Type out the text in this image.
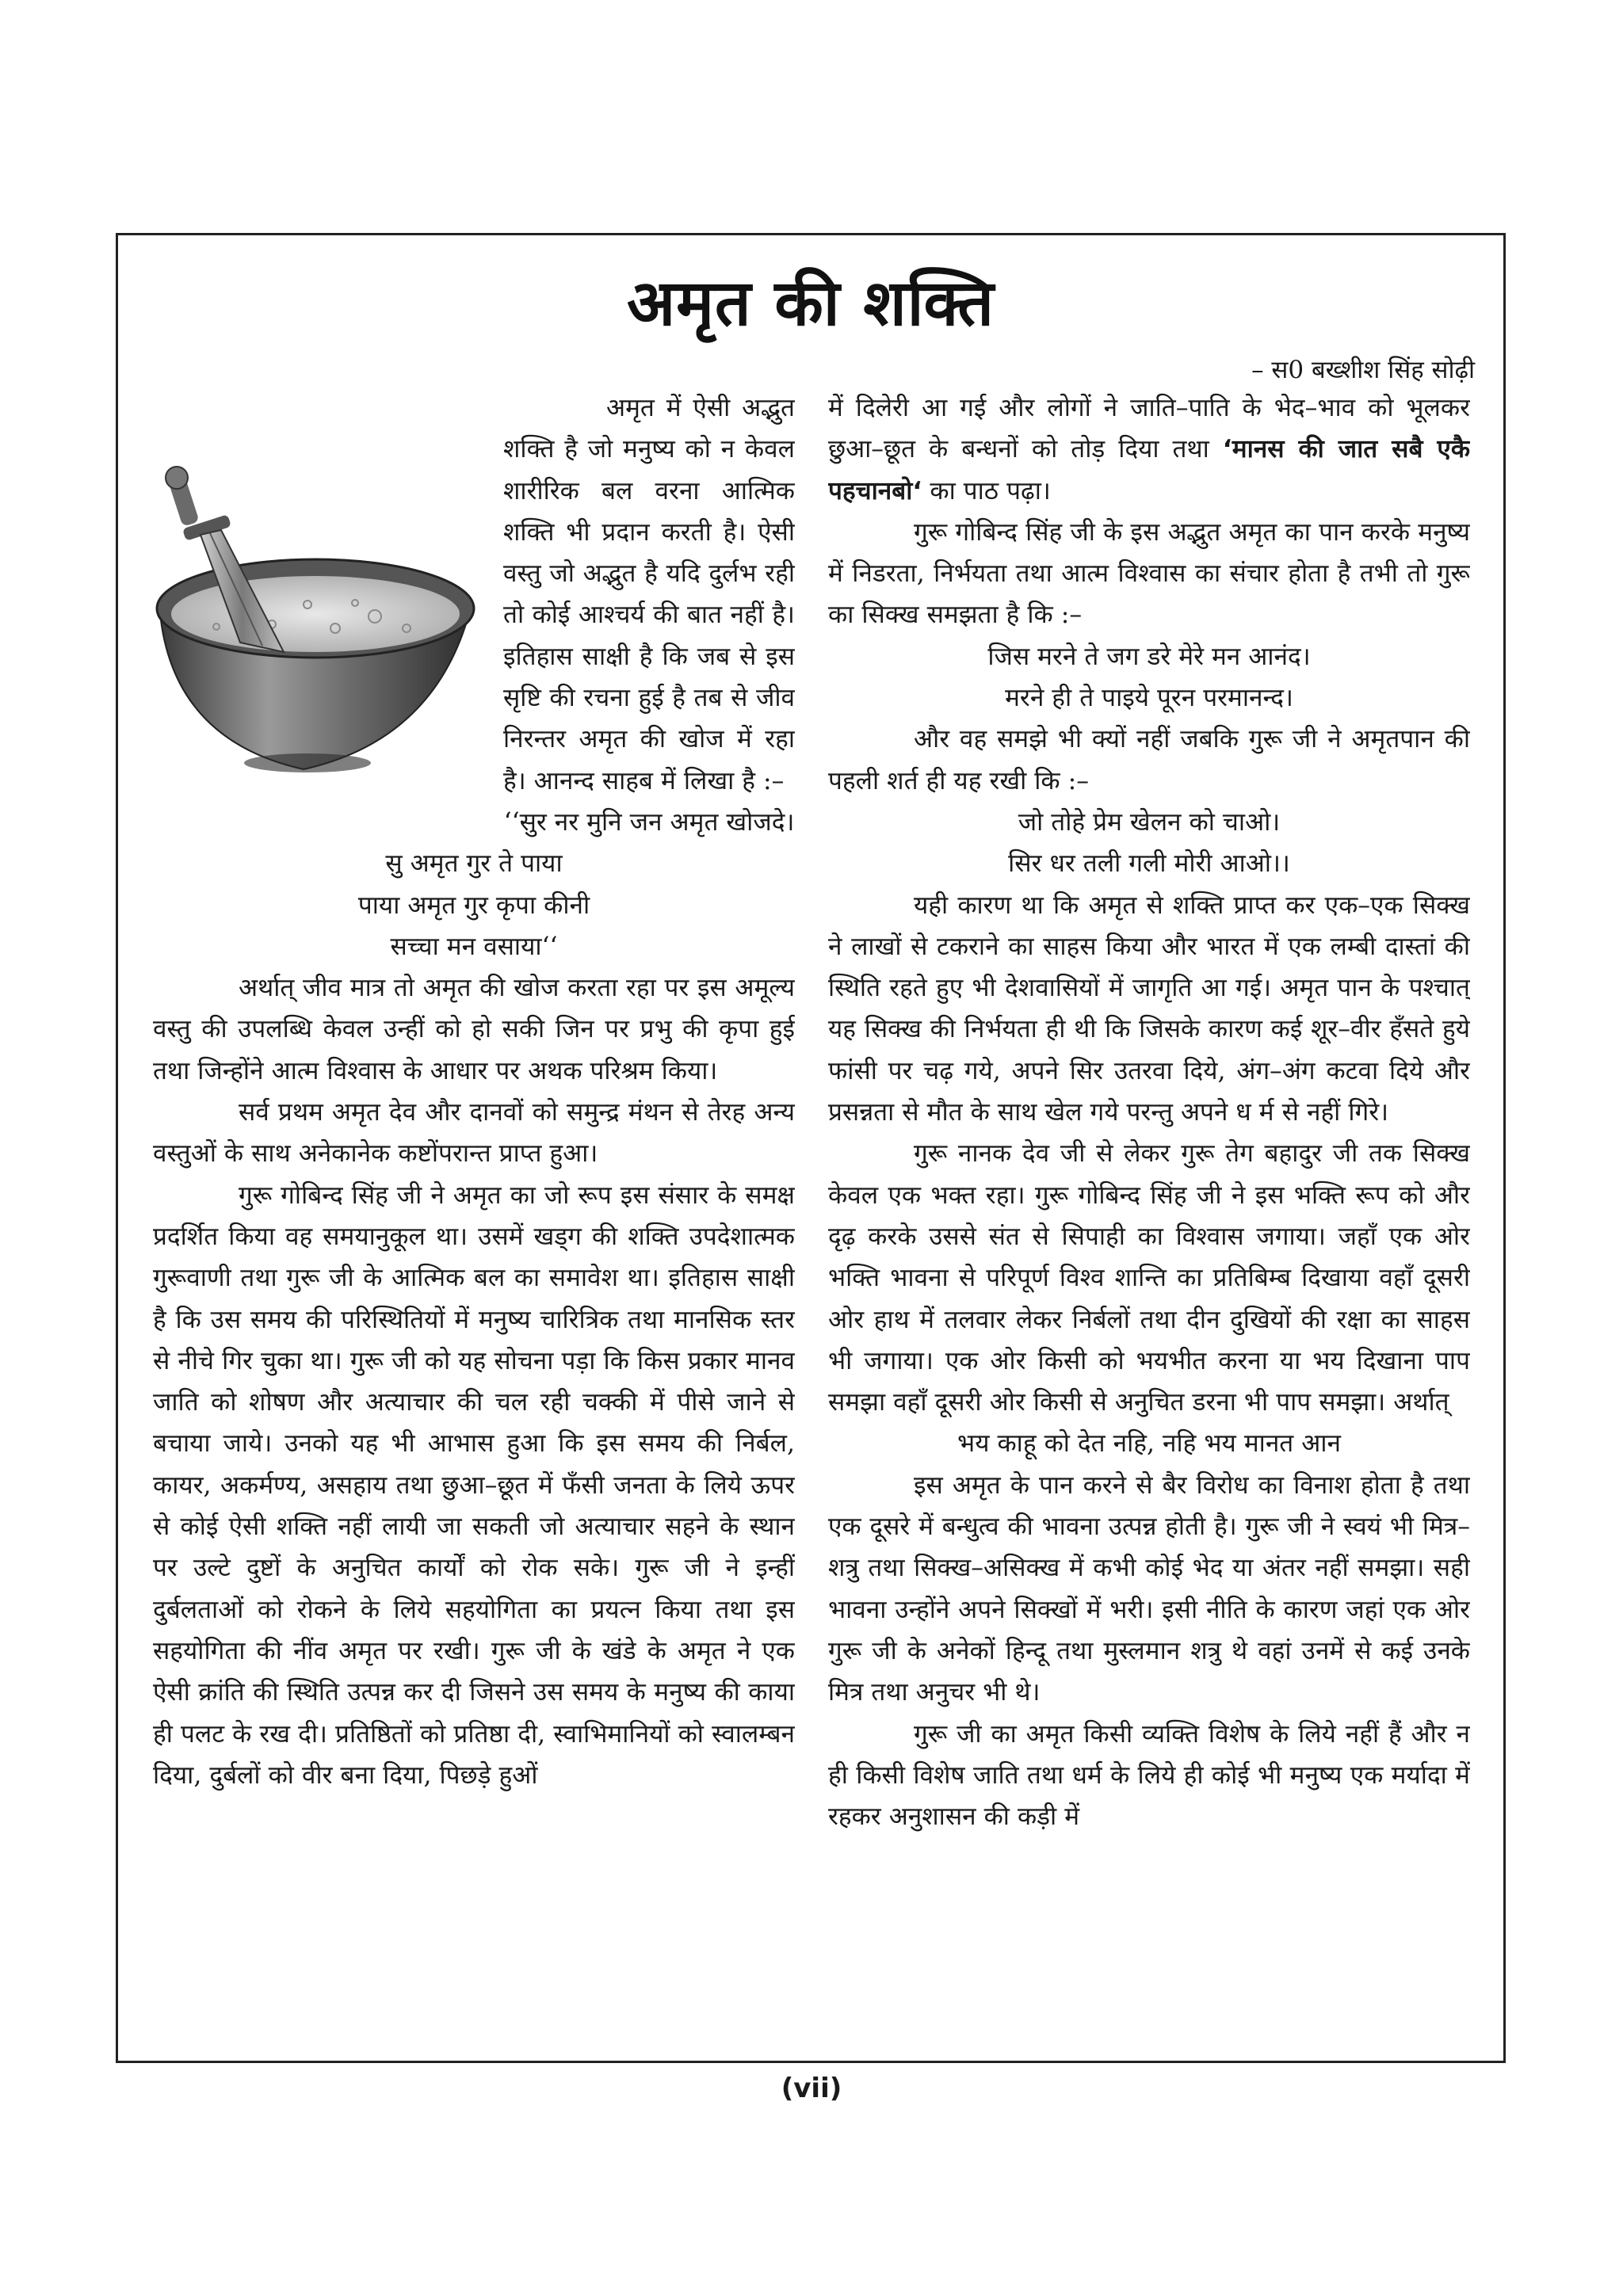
अमृत की शक्ति
– स0 बख्शीश सिंह सोढ़ी

अमृत में ऐसी अद्भुत शक्ति है जो मनुष्य को न केवल शारीरिक बल वरना आत्मिक शक्ति भी प्रदान करती है। ऐसी वस्तु जो अद्भुत है यदि दुर्लभ रही तो कोई आश्चर्य की बात नहीं है। इतिहास साक्षी है कि जब से इस सृष्टि की रचना हुई है तब से जीव निरन्तर अमृत की खोज में रहा है। आनन्द साहब में लिखा है :–

‘‘सुर नर मुनि जन अमृत खोजदे।

सु अमृत गुर ते पाया

पाया अमृत गुर कृपा कीनी

सच्चा मन वसाया‘‘

अर्थात् जीव मात्र तो अमृत की खोज करता रहा पर इस अमूल्य वस्तु की उपलब्धि केवल उन्हीं को हो सकी जिन पर प्रभु की कृपा हुई तथा जिन्होंने आत्म विश्वास के आधार पर अथक परिश्रम किया।

सर्व प्रथम अमृत देव और दानवों को समुन्द्र मंथन से तेरह अन्य वस्तुओं के साथ अनेकानेक कष्टोंपरान्त प्राप्त हुआ।

गुरू गोबिन्द सिंह जी ने अमृत का जो रूप इस संसार के समक्ष प्रदर्शित किया वह समयानुकूल था। उसमें खड्ग की शक्ति उपदेशात्मक गुरूवाणी तथा गुरू जी के आत्मिक बल का समावेश था। इतिहास साक्षी है कि उस समय की परिस्थितियों में मनुष्य चारित्रिक तथा मानसिक स्तर से नीचे गिर चुका था। गुरू जी को यह सोचना पड़ा कि किस प्रकार मानव जाति को शोषण और अत्याचार की चल रही चक्की में पीसे जाने से बचाया जाये। उनको यह भी आभास हुआ कि इस समय की निर्बल, कायर, अकर्मण्य, असहाय तथा छुआ–छूत में फँसी जनता के लिये ऊपर से कोई ऐसी शक्ति नहीं लायी जा सकती जो अत्याचार सहने के स्थान पर उल्टे दुष्टों के अनुचित कार्यों को रोक सके। गुरू जी ने इन्हीं दुर्बलताओं को रोकने के लिये सहयोगिता का प्रयत्न किया तथा इस सहयोगिता की नींव अमृत पर रखी। गुरू जी के खंडे के अमृत ने एक ऐसी क्रांति की स्थिति उत्पन्न कर दी जिसने उस समय के मनुष्य की काया ही पलट के रख दी। प्रतिष्ठितों को प्रतिष्ठा दी, स्वाभिमानियों को स्वालम्बन दिया, दुर्बलों को वीर बना दिया, पिछड़े हुओं

में दिलेरी आ गई और लोगों ने जाति–पाति के भेद–भाव को भूलकर छुआ–छूत के बन्धनों को तोड़ दिया तथा ‘मानस की जात सबै एकै पहचानबो‘ का पाठ पढ़ा।

गुरू गोबिन्द सिंह जी के इस अद्भुत अमृत का पान करके मनुष्य में निडरता, निर्भयता तथा आत्म विश्वास का संचार होता है तभी तो गुरू का सिक्ख समझता है कि :–

जिस मरने ते जग डरे मेरे मन आनंद।

मरने ही ते पाइये पूरन परमानन्द।

और वह समझे भी क्यों नहीं जबकि गुरू जी ने अमृतपान की पहली शर्त ही यह रखी कि :–

जो तोहे प्रेम खेलन को चाओ।

सिर धर तली गली मोरी आओ।।

यही कारण था कि अमृत से शक्ति प्राप्त कर एक–एक सिक्ख ने लाखों से टकराने का साहस किया और भारत में एक लम्बी दास्तां की स्थिति रहते हुए भी देशवासियों में जागृति आ गई। अमृत पान के पश्चात् यह सिक्ख की निर्भयता ही थी कि जिसके कारण कई शूर–वीर हँसते हुये फांसी पर चढ़ गये, अपने सिर उतरवा दिये, अंग–अंग कटवा दिये और प्रसन्नता से मौत के साथ खेल गये परन्तु अपने ध र्म से नहीं गिरे।

गुरू नानक देव जी से लेकर गुरू तेग बहादुर जी तक सिक्ख केवल एक भक्त रहा। गुरू गोबिन्द सिंह जी ने इस भक्ति रूप को और दृढ़ करके उससे संत से सिपाही का विश्वास जगाया। जहाँ एक ओर भक्ति भावना से परिपूर्ण विश्व शान्ति का प्रतिबिम्ब दिखाया वहाँ दूसरी ओर हाथ में तलवार लेकर निर्बलों तथा दीन दुखियों की रक्षा का साहस भी जगाया। एक ओर किसी को भयभीत करना या भय दिखाना पाप समझा वहाँ दूसरी ओर किसी से अनुचित डरना भी पाप समझा। अर्थात्

भय काहू को देत नहि, नहि भय मानत आन

इस अमृत के पान करने से बैर विरोध का विनाश होता है तथा एक दूसरे में बन्धुत्व की भावना उत्पन्न होती है। गुरू जी ने स्वयं भी मित्र–शत्रु तथा सिक्ख–असिक्ख में कभी कोई भेद या अंतर नहीं समझा। सही भावना उन्होंने अपने सिक्खों में भरी। इसी नीति के कारण जहां एक ओर गुरू जी के अनेकों हिन्दू तथा मुस्लमान शत्रु थे वहां उनमें से कई उनके मित्र तथा अनुचर भी थे।

गुरू जी का अमृत किसी व्यक्ति विशेष के लिये नहीं हैं और न ही किसी विशेष जाति तथा धर्म के लिये ही कोई भी मनुष्य एक मर्यादा में रहकर अनुशासन की कड़ी में

(vii)
